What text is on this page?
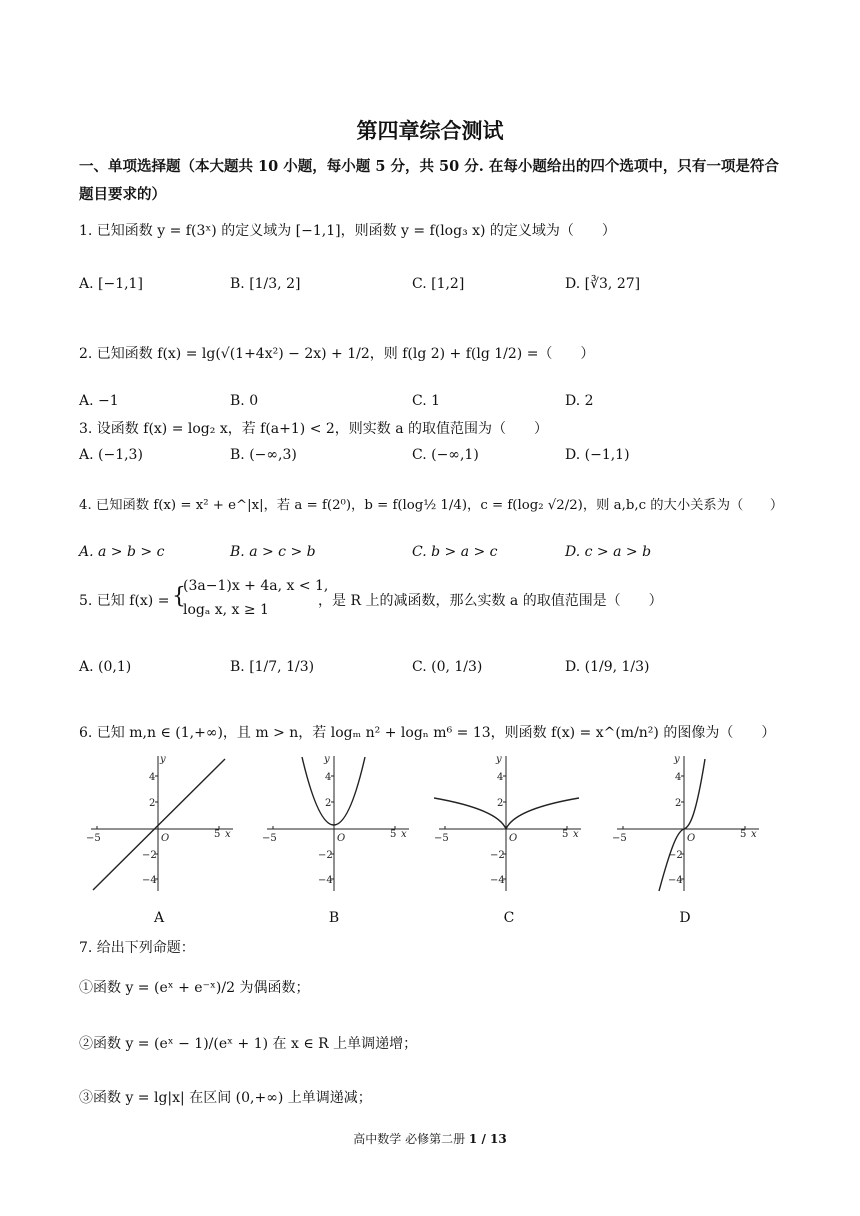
第四章综合测试
一、单项选择题（本大题共 10 小题，每小题 5 分，共 50 分. 在每小题给出的四个选项中，只有一项是符合
题目要求的）
1. 已知函数 y = f(3ˣ) 的定义域为 [−1,1]，则函数 y = f(log₃ x) 的定义域为（　　）
A. [−1,1]	B. [1/3, 2]	C. [1,2]	D. [∛3, 27]
2. 已知函数 f(x) = lg(√(1+4x²) − 2x) + 1/2，则 f(lg 2) + f(lg 1/2) =（　　）
A. −1	B. 0	C. 1	D. 2
3. 设函数 f(x) = log₂ x，若 f(a+1) < 2，则实数 a 的取值范围为（　　）
A. (−1,3)	B. (−∞,3)	C. (−∞,1)	D. (−1,1)
4. 已知函数 f(x) = x² + e^|x|，若 a = f(2⁰)，b = f(log½ 1/4)，c = f(log₂ √2/2)，则 a,b,c 的大小关系为（　　）
A. a > b > c	B. a > c > b	C. b > a > c	D. c > a > b
5. 已知 f(x) = {
(3a−1)x + 4a, x < 1,
logₐ x, x ≥ 1
，是 R 上的减函数，那么实数 a 的取值范围是（　　）
A. (0,1)	B. [1/7, 1/3)	C. (0, 1/3)	D. (1/9, 1/3)
6. 已知 m,n ∈ (1,+∞)，且 m > n，若 logₘ n² + logₙ m⁶ = 13，则函数 f(x) = x^(m/n²) 的图像为（　　）
−5	5 x
y
O
4
2
−2
−4
−5	5 x
y
O
4
2
−2
−4
−5	5 x
y
O
4
2
−2
−4
−5	5 x
y
O
4
2
−2
−4
A	B	C	D
7. 给出下列命题：
①函数 y = (eˣ + e⁻ˣ)/2 为偶函数；
②函数 y = (eˣ − 1)/(eˣ + 1) 在 x ∈ R 上单调递增；
③函数 y = lg|x| 在区间 (0,+∞) 上单调递减；
高中数学 必修第二册 1 / 13
